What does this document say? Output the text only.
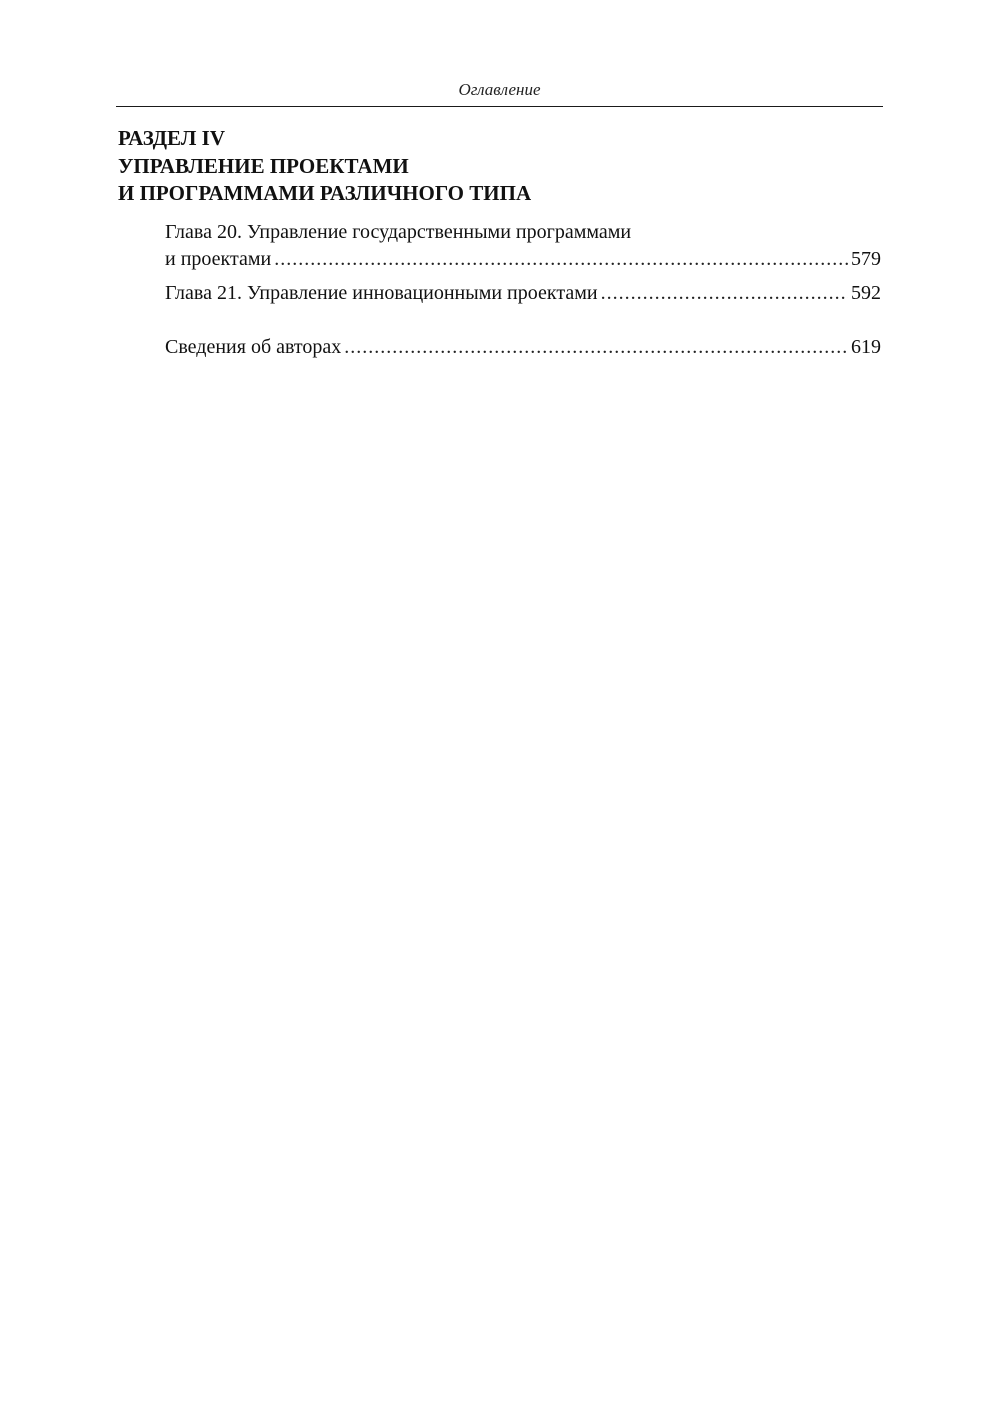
Оглавление
РАЗДЕЛ IV
УПРАВЛЕНИЕ ПРОЕКТАМИ
И ПРОГРАММАМИ РАЗЛИЧНОГО ТИПА
Глава 20. Управление государственными программами
и проектами .....	579
Глава 21. Управление инновационными проектами .....	592
Сведения об авторах .....	619
